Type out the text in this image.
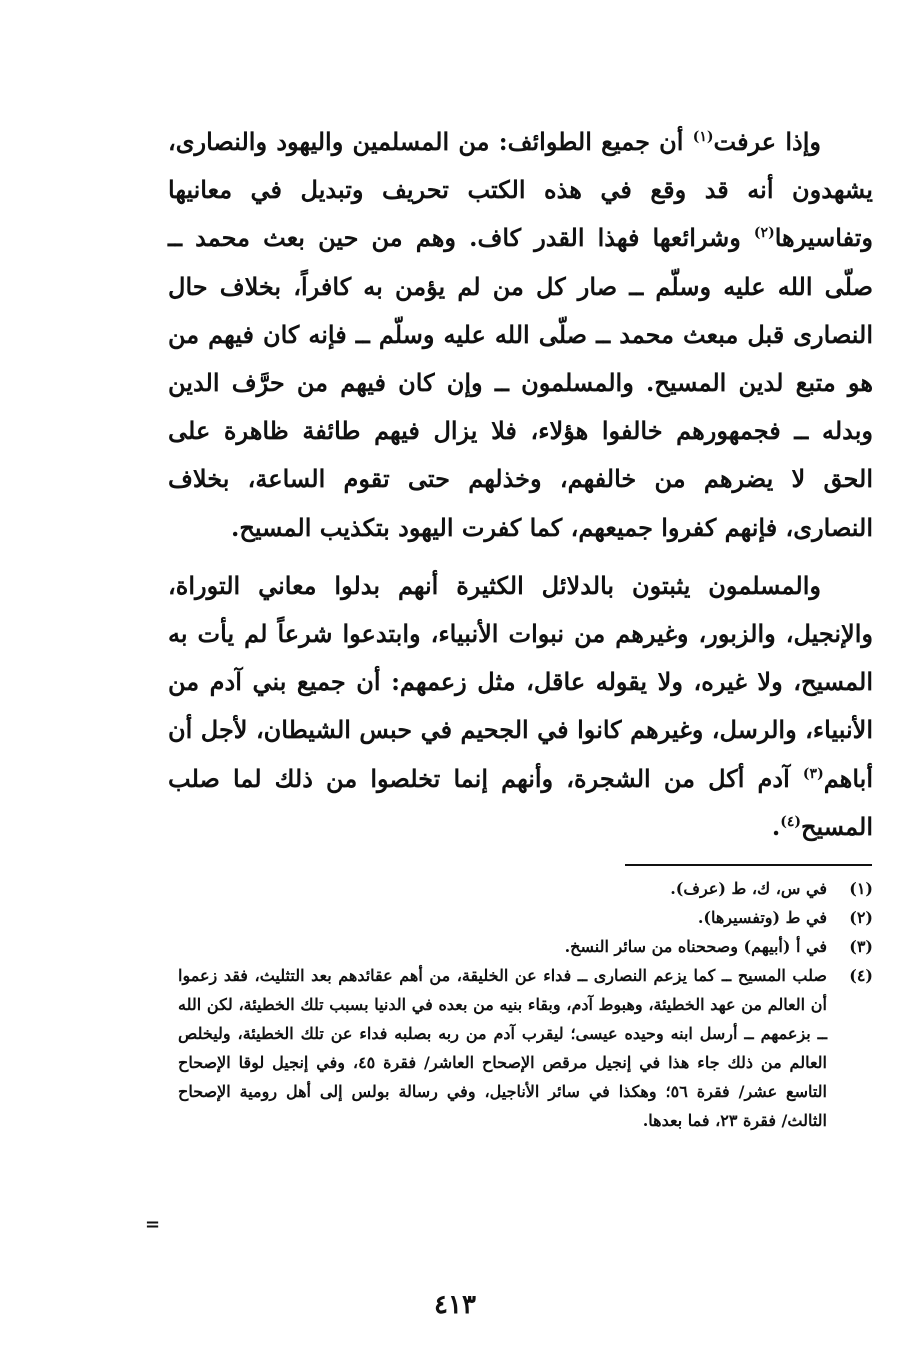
وإذا عرفت$^{(١)}$ أن جميع الطوائف: من المسلمين واليهود والنصارى، يشهدون أنه قد وقع في هذه الكتب تحريف وتبديل في معانيها وتفاسيرها$^{(٢)}$ وشرائعها فهذا القدر كاف. وهم من حين بعث محمد ــ صلّى الله عليه وسلّم ــ صار كل من لم يؤمن به كافراً، بخلاف حال النصارى قبل مبعث محمد ــ صلّى الله عليه وسلّم ــ فإنه كان فيهم من هو متبع لدين المسيح. والمسلمون ــ وإن كان فيهم من حرَّف الدين وبدله ــ فجمهورهم خالفوا هؤلاء، فلا يزال فيهم طائفة ظاهرة على الحق لا يضرهم من خالفهم، وخذلهم حتى تقوم الساعة، بخلاف النصارى، فإنهم كفروا جميعهم، كما كفرت اليهود بتكذيب المسيح.

والمسلمون يثبتون بالدلائل الكثيرة أنهم بدلوا معاني التوراة، والإنجيل، والزبور، وغيرهم من نبوات الأنبياء، وابتدعوا شرعاً لم يأت به المسيح، ولا غيره، ولا يقوله عاقل، مثل زعمهم: أن جميع بني آدم من الأنبياء، والرسل، وغيرهم كانوا في الجحيم في حبس الشيطان، لأجل أن أباهم$^{(٣)}$ آدم أكل من الشجرة، وأنهم إنما تخلصوا من ذلك لما صلب المسيح$^{(٤)}$.

(١)
في س، ك، ط (عرف).
(٢)
في ط (وتفسيرها).
(٣)
في أ (أبيهم) وصححناه من سائر النسخ.
(٤)
صلب المسيح ــ كما يزعم النصارى ــ فداء عن الخليقة، من أهم عقائدهم بعد التثليث، فقد زعموا أن العالم من عهد الخطيئة، وهبوط آدم، وبقاء بنيه من بعده في الدنيا بسبب تلك الخطيئة، لكن الله ــ بزعمهم ــ أرسل ابنه وحيده عيسى؛ ليقرب آدم من ربه بصلبه فداء عن تلك الخطيئة، وليخلص العالم من ذلك جاء هذا في إنجيل مرقص الإصحاح العاشر/ فقرة ٤٥، وفي إنجيل لوقا الإصحاح التاسع عشر/ فقرة ٥٦؛ وهكذا في سائر الأناجيل، وفي رسالة بولس إلى أهل رومية الإصحاح الثالث/ فقرة ٢٣، فما بعدها.
=
٤١٣
